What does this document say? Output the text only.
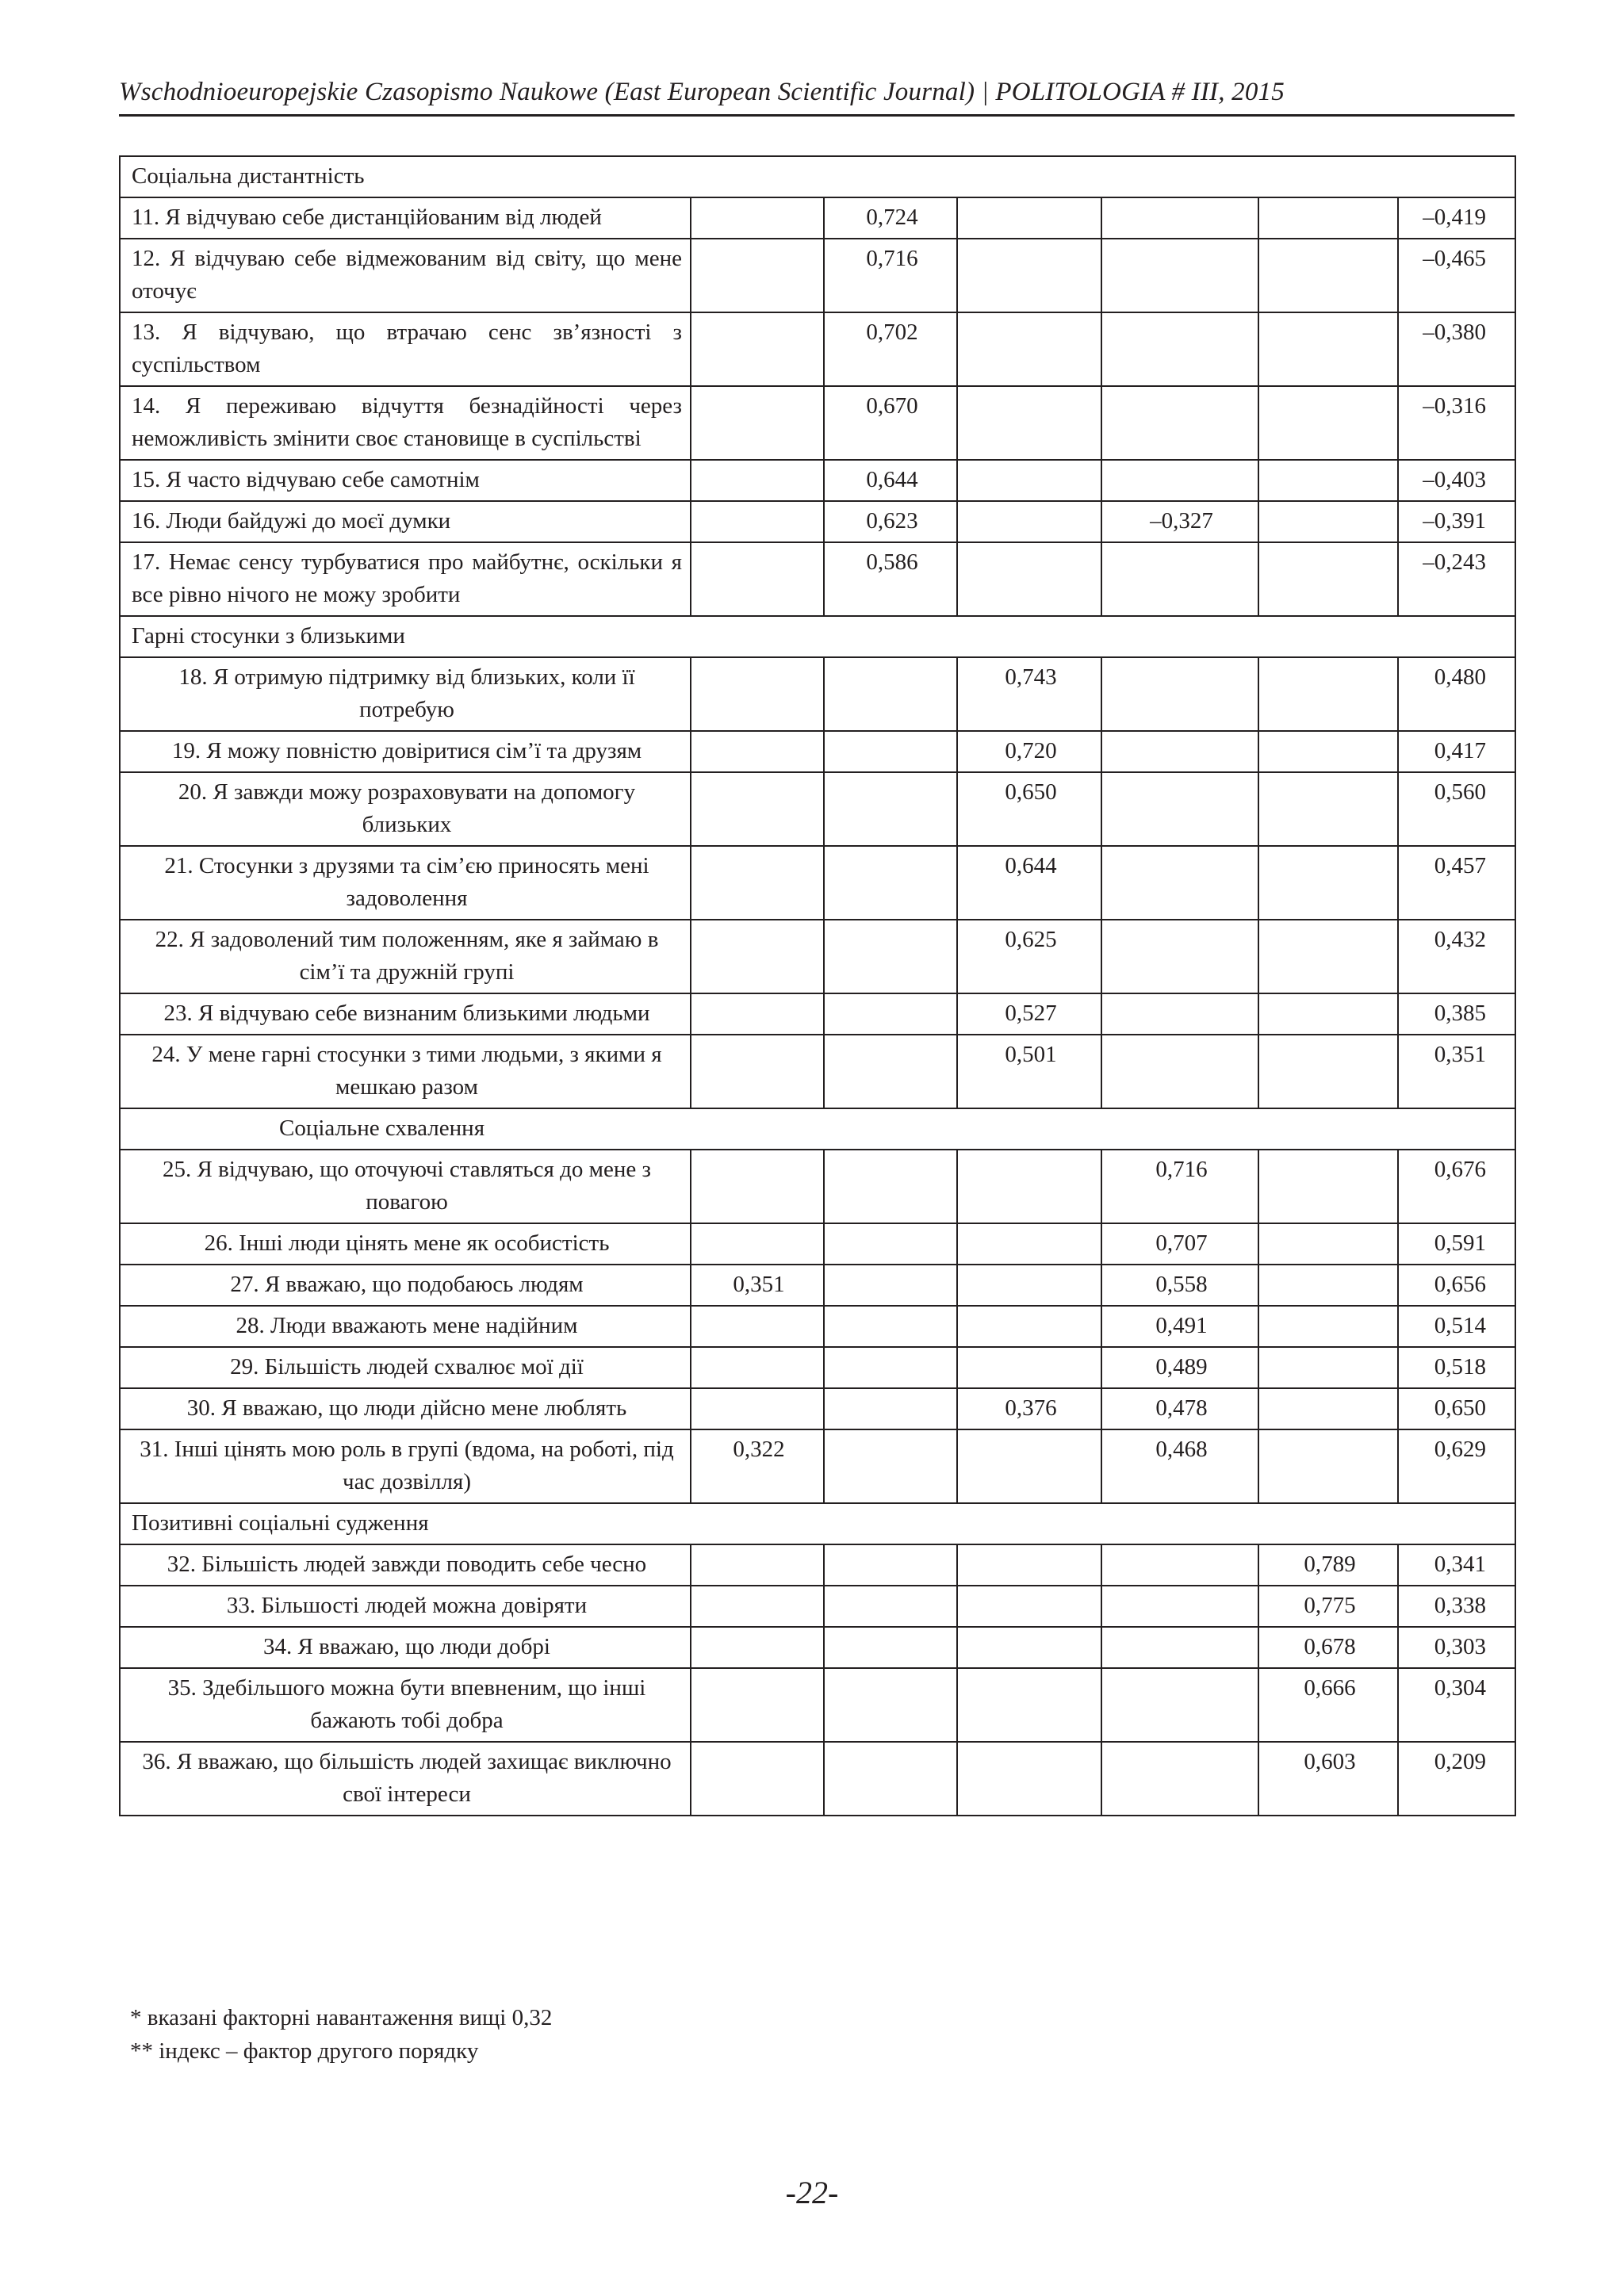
Wschodnioeuropejskie Czasopismo Naukowe (East European Scientific Journal) | POLITOLOGIA # III, 2015
Соціальна дистантність						
11. Я відчуваю себе дистанційованим від людей		0,724				–0,419
12. Я відчуваю себе відмежованим від світу, що мене оточує		0,716				–0,465
13. Я відчуваю, що втрачаю сенс зв’язності з суспільством		0,702				–0,380
14. Я переживаю відчуття безнадійності через неможливість змінити своє становище в суспільстві		0,670				–0,316
15. Я часто відчуваю себе самотнім		0,644				–0,403
16. Люди байдужі до моєї думки		0,623		–0,327		–0,391
17. Немає сенсу турбуватися про майбутнє, оскільки я все рівно нічого не можу зробити		0,586				–0,243
Гарні стосунки з близькими						
18. Я отримую підтримку від близьких, коли її потребую			0,743			0,480
19. Я можу повністю довіритися сім’ї та друзям			0,720			0,417
20. Я завжди можу розраховувати на допомогу близьких			0,650			0,560
21. Стосунки з друзями та сім’єю приносять мені задоволення			0,644			0,457
22. Я задоволений тим положенням, яке я займаю в сім’ї та дружній групі			0,625			0,432
23. Я відчуваю себе визнаним близькими людьми			0,527			0,385
24. У мене гарні стосунки з тими людьми, з якими я мешкаю разом			0,501			0,351
Соціальне схвалення						
25. Я відчуваю, що оточуючі ставляться до мене з повагою				0,716		0,676
26. Інші люди цінять мене як особистість				0,707		0,591
27. Я вважаю, що подобаюсь людям	0,351			0,558		0,656
28. Люди вважають мене надійним				0,491		0,514
29. Більшість людей схвалює мої дії				0,489		0,518
30. Я вважаю, що люди дійсно мене люблять			0,376	0,478		0,650
31. Інші цінять мою роль в групі (вдома, на роботі, під час дозвілля)	0,322			0,468		0,629
Позитивні соціальні судження						
32. Більшість людей завжди поводить себе чесно					0,789	0,341
33. Більшості людей можна довіряти					0,775	0,338
34. Я вважаю, що люди добрі					0,678	0,303
35. Здебільшого можна бути впевненим, що інші бажають тобі добра					0,666	0,304
36. Я вважаю, що більшість людей захищає виключно свої інтереси					0,603	0,209
* вказані факторні навантаження вищі 0,32
** індекс – фактор другого порядку
-22-
